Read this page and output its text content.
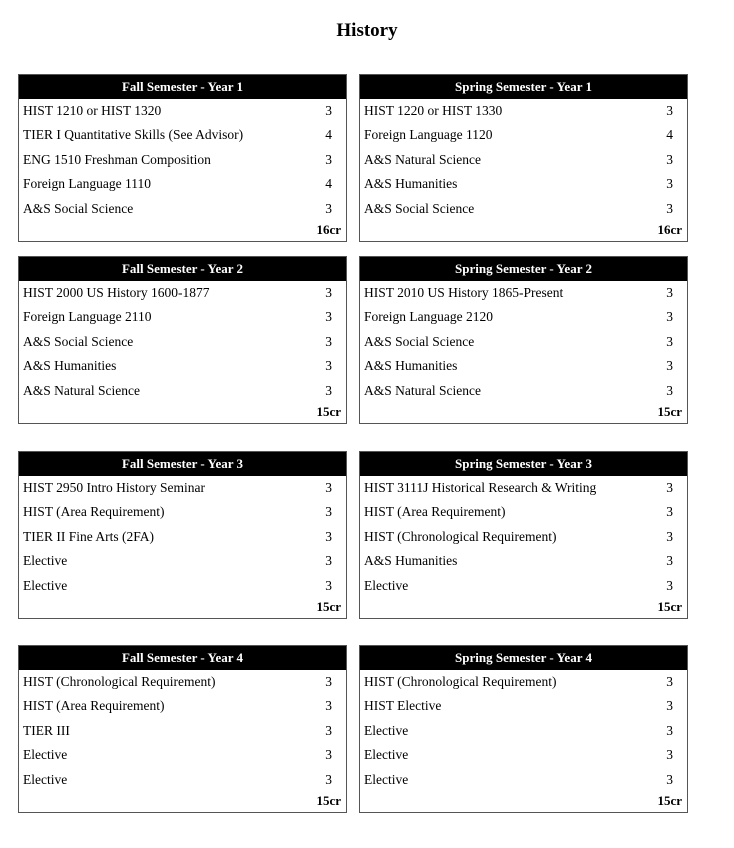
History
Fall Semester - Year 1
HIST 1210 or HIST 1320	3
TIER I Quantitative Skills (See Advisor)	4
ENG 1510 Freshman Composition	3
Foreign Language 1110	4
A&S Social Science	3
16cr
Spring Semester - Year 1
HIST 1220 or HIST 1330	3
Foreign Language 1120	4
A&S Natural Science	3
A&S Humanities	3
A&S Social Science	3
16cr
Fall Semester - Year 2
HIST 2000 US History 1600-1877	3
Foreign Language 2110	3
A&S Social Science	3
A&S Humanities	3
A&S Natural Science	3
15cr
Spring Semester - Year 2
HIST 2010 US History 1865-Present	3
Foreign Language 2120	3
A&S Social Science	3
A&S Humanities	3
A&S Natural Science	3
15cr
Fall Semester - Year 3
HIST 2950 Intro History Seminar	3
HIST (Area Requirement)	3
TIER II Fine Arts (2FA)	3
Elective	3
Elective	3
15cr
Spring Semester - Year 3
HIST 3111J Historical Research & Writing	3
HIST (Area Requirement)	3
HIST (Chronological Requirement)	3
A&S Humanities	3
Elective	3
15cr
Fall Semester - Year 4
HIST (Chronological Requirement)	3
HIST (Area Requirement)	3
TIER III	3
Elective	3
Elective	3
15cr
Spring Semester - Year 4
HIST (Chronological Requirement)	3
HIST Elective	3
Elective	3
Elective	3
Elective	3
15cr
